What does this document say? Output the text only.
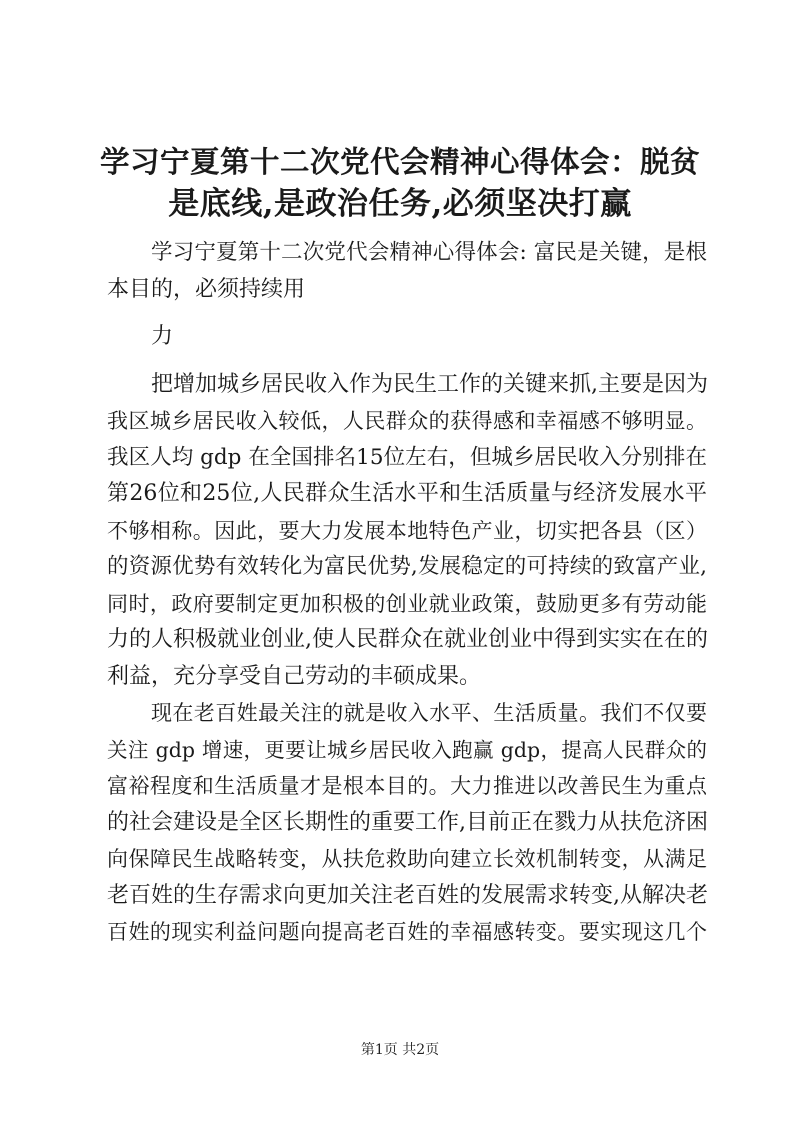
学习宁夏第十二次党代会精神心得体会：脱贫
是底线,是政治任务,必须坚决打赢
学习宁夏第十二次党代会精神心得体会: 富民是关键，是根
本目的，必须持续用
力
把增加城乡居民收入作为民生工作的关键来抓,主要是因为
我区城乡居民收入较低，人民群众的获得感和幸福感不够明显。
我区人均 gdp 在全国排名15位左右，但城乡居民收入分别排在
第26位和25位,人民群众生活水平和生活质量与经济发展水平
不够相称。因此，要大力发展本地特色产业，切实把各县（区）
的资源优势有效转化为富民优势,发展稳定的可持续的致富产业,
同时，政府要制定更加积极的创业就业政策，鼓励更多有劳动能
力的人积极就业创业,使人民群众在就业创业中得到实实在在的
利益，充分享受自己劳动的丰硕成果。
现在老百姓最关注的就是收入水平、生活质量。我们不仅要
关注 gdp 增速，更要让城乡居民收入跑赢 gdp，提高人民群众的
富裕程度和生活质量才是根本目的。大力推进以改善民生为重点
的社会建设是全区长期性的重要工作,目前正在戮力从扶危济困
向保障民生战略转变，从扶危救助向建立长效机制转变，从满足
老百姓的生存需求向更加关注老百姓的发展需求转变,从解决老
百姓的现实利益问题向提高老百姓的幸福感转变。要实现这几个
第1页 共2页
